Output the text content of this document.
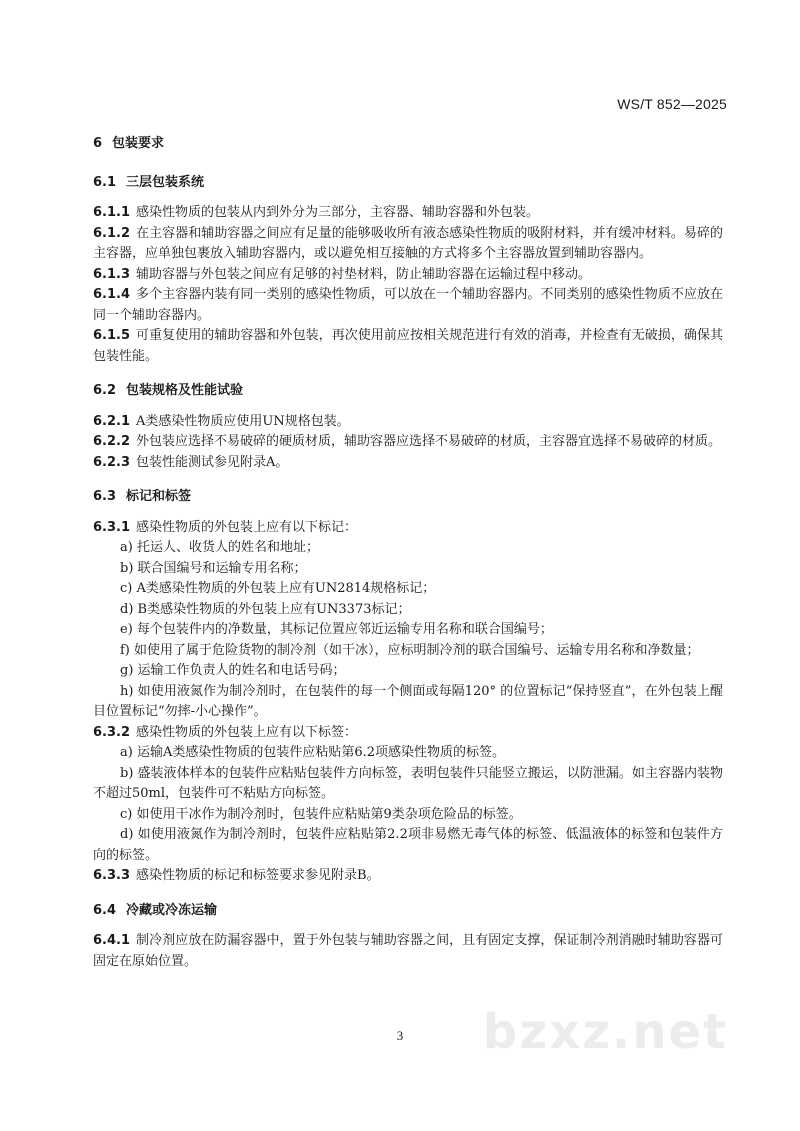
WS/T 852—2025
6 包装要求
6.1 三层包装系统

6.1.1 感染性物质的包装从内到外分为三部分，主容器、辅助容器和外包装。

6.1.2 在主容器和辅助容器之间应有足量的能够吸收所有液态感染性物质的吸附材料，并有缓冲材料。易碎的主容器，应单独包裹放入辅助容器内，或以避免相互接触的方式将多个主容器放置到辅助容器内。

6.1.3 辅助容器与外包装之间应有足够的衬垫材料，防止辅助容器在运输过程中移动。

6.1.4 多个主容器内装有同一类别的感染性物质，可以放在一个辅助容器内。不同类别的感染性物质不应放在同一个辅助容器内。

6.1.5 可重复使用的辅助容器和外包装，再次使用前应按相关规范进行有效的消毒，并检查有无破损，确保其包装性能。

6.2 包装规格及性能试验

6.2.1 A类感染性物质应使用UN规格包装。

6.2.2 外包装应选择不易破碎的硬质材质，辅助容器应选择不易破碎的材质，主容器宜选择不易破碎的材质。

6.2.3 包装性能测试参见附录A。

6.3 标记和标签

6.3.1 感染性物质的外包装上应有以下标记：

a) 托运人、收货人的姓名和地址；

b) 联合国编号和运输专用名称；

c) A类感染性物质的外包装上应有UN2814规格标记；

d) B类感染性物质的外包装上应有UN3373标记；

e) 每个包装件内的净数量，其标记位置应邻近运输专用名称和联合国编号；

f) 如使用了属于危险货物的制冷剂（如干冰），应标明制冷剂的联合国编号、运输专用名称和净数量；

g) 运输工作负责人的姓名和电话号码；

h) 如使用液氮作为制冷剂时，在包装件的每一个侧面或每隔120° 的位置标记“保持竖直”，在外包装上醒目位置标记“勿摔-小心操作”。

6.3.2 感染性物质的外包装上应有以下标签：

a) 运输A类感染性物质的包装件应粘贴第6.2项感染性物质的标签。

b) 盛装液体样本的包装件应粘贴包装件方向标签，表明包装件只能竖立搬运，以防泄漏。如主容器内装物不超过50ml，包装件可不粘贴方向标签。

c) 如使用干冰作为制冷剂时，包装件应粘贴第9类杂项危险品的标签。

d) 如使用液氮作为制冷剂时，包装件应粘贴第2.2项非易燃无毒气体的标签、低温液体的标签和包装件方向的标签。

6.3.3 感染性物质的标记和标签要求参见附录B。

6.4 冷藏或冷冻运输

6.4.1 制冷剂应放在防漏容器中，置于外包装与辅助容器之间，且有固定支撑，保证制冷剂消融时辅助容器可固定在原始位置。

bzxz.net
3
